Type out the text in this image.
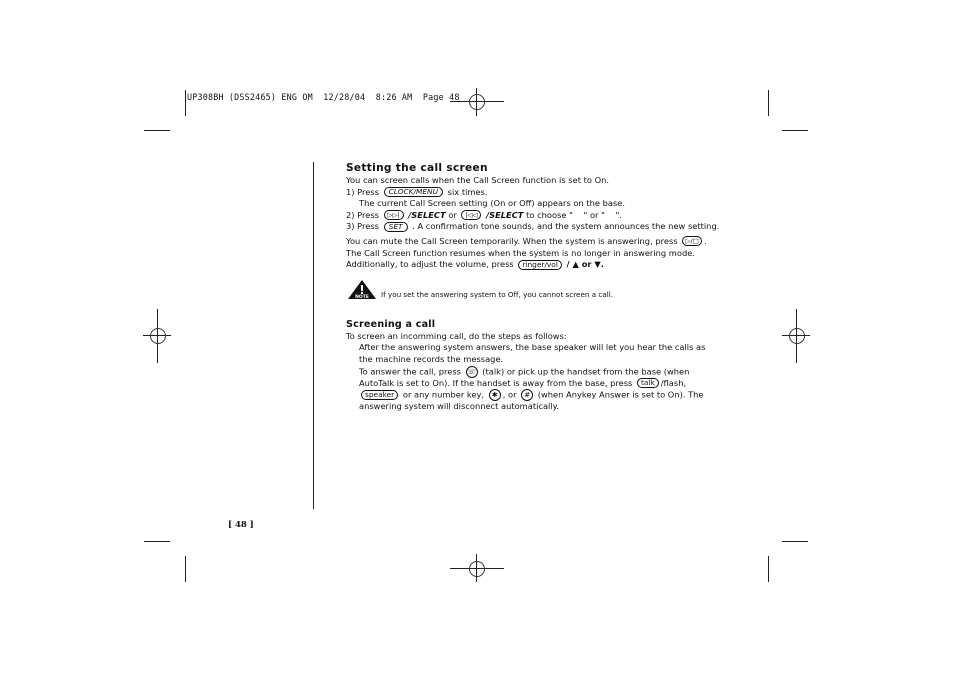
UP308BH (DSS2465) ENG OM  12/28/04  8:26 AM  Page 48
Setting the call screen
You can screen calls when the Call Screen function is set to On.
1) Press CLOCK/MENU six times.
The current Call Screen setting (On or Off) appears on the base.
2) Press ▷▷| /SELECT or |◁◁ /SELECT to choose "    " or "    ".
3) Press SET . A confirmation tone sounds, and the system announces the new setting.
You can mute the Call Screen temporarily. When the system is answering, press ▷/□ .
The Call Screen function resumes when the system is no longer in answering mode.
Additionally, to adjust the volume, press ringer/vol / ▲ or ▼.
Screening a call
To screen an incomming call, do the steps as follows:
After the answering system answers, the base speaker will let you hear the calls as
the machine records the message.
To answer the call, press ☏ (talk) or pick up the handset from the base (when
AutoTalk is set to On). If the handset is away from the base, press talk /flash,
speaker or any number key, ✱ , or # (when Anykey Answer is set to On). The
answering system will disconnect automatically.
NOTE If you set the answering system to Off, you cannot screen a call.
[ 48 ]
